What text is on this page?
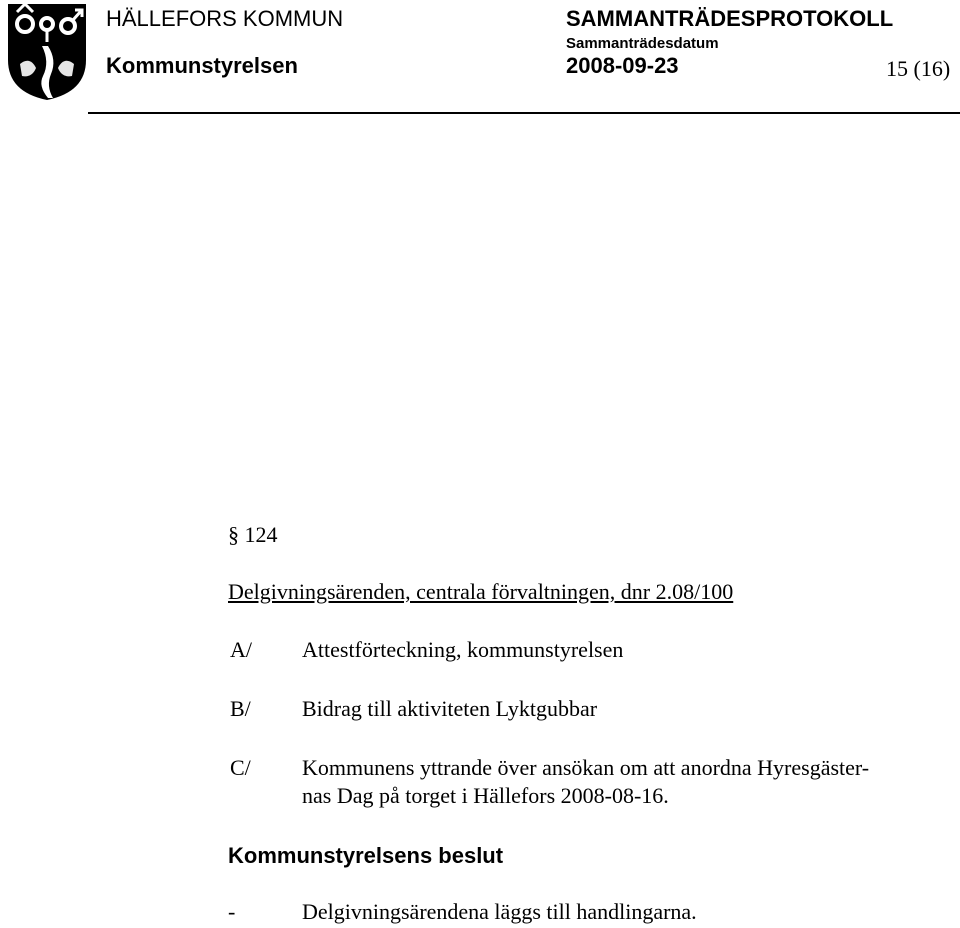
HÄLLEFORS KOMMUN
Kommunstyrelsen
SAMMANTRÄDESPROTOKOLL
Sammanträdesdatum
2008-09-23	15 (16)
§ 124
Delgivningsärenden, centrala förvaltningen, dnr 2.08/100
A/ Attestförteckning, kommunstyrelsen
B/ Bidrag till aktiviteten Lyktgubbar
C/ Kommunens yttrande över ansökan om att anordna Hyresgäster-
nas Dag på torget i Hällefors 2008-08-16.
Kommunstyrelsens beslut
-	Delgivningsärendena läggs till handlingarna.
